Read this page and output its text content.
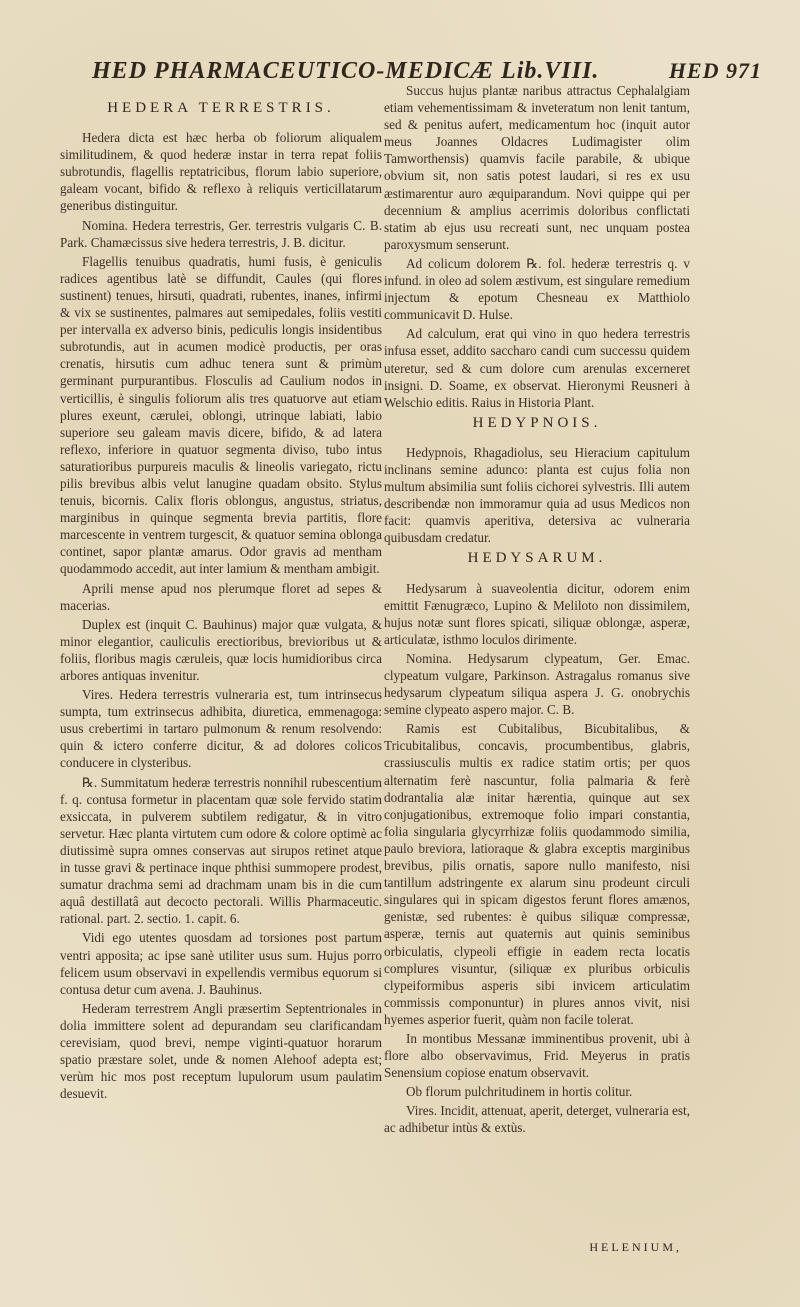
HED PHARMACEUTICO-MEDICÆ Lib.VIII.	HED 971
HEDERA TERRESTRIS.

Hedera dicta est hæc herba ob foliorum aliqualem similitudinem, & quod hederæ instar in terra repat foliis subrotundis, flagellis reptatricibus, florum labio superiore, galeam vocant, bifido & reflexo à reliquis verticillatarum generibus distinguitur.

Nomina. Hedera terrestris, Ger. terrestris vulgaris C. B. Park. Chamæcissus sive hedera terrestris, J. B. dicitur.

Flagellis tenuibus quadratis, humi fusis, è geniculis radices agentibus latè se diffundit, Caules (qui flores sustinent) tenues, hirsuti, quadrati, rubentes, inanes, infirmi & vix se sustinentes, palmares aut semipedales, foliis vestiti per intervalla ex adverso binis, pediculis longis insidentibus subrotundis, aut in acumen modicè productis, per oras crenatis, hirsutis cum adhuc tenera sunt & primùm germinant purpurantibus. Flosculis ad Caulium nodos in verticillis, è singulis foliorum alis tres quatuorve aut etiam plures exeunt, cærulei, oblongi, utrinque labiati, labio superiore seu galeam mavis dicere, bifido, & ad latera reflexo, inferiore in quatuor segmenta diviso, tubo intus saturatioribus purpureis maculis & lineolis variegato, rictu pilis brevibus albis velut lanugine quadam obsito. Stylus tenuis, bicornis. Calix floris oblongus, angustus, striatus, marginibus in quinque segmenta brevia partitis, flore marcescente in ventrem turgescit, & quatuor semina oblonga continet, sapor plantæ amarus. Odor gravis ad mentham quodammodo accedit, aut inter lamium & mentham ambigit.

Aprili mense apud nos plerumque floret ad sepes & macerias.

Duplex est (inquit C. Bauhinus) major quæ vulgata, & minor elegantior, cauliculis erectioribus, brevioribus ut & foliis, floribus magis cæruleis, quæ locis humidioribus circa arbores antiquas invenitur.

Vires. Hedera terrestris vulneraria est, tum intrinsecus sumpta, tum extrinsecus adhibita, diuretica, emmenagoga: usus crebertimi in tartaro pulmonum & renum resolvendo: quin & ictero conferre dicitur, & ad dolores colicos conducere in clysteribus.

℞. Summitatum hederæ terrestris nonnihil rubescentium f. q. contusa formetur in placentam quæ sole fervido statim exsiccata, in pulverem subtilem redigatur, & in vitro servetur. Hæc planta virtutem cum odore & colore optimè ac diutissimè supra omnes conservas aut sirupos retinet atque in tusse gravi & pertinace inque phthisi summopere prodest, sumatur drachma semi ad drachmam unam bis in die cum aquâ destillatâ aut decocto pectorali. Willis Pharmaceutic. rational. part. 2. sectio. 1. capit. 6.

Vidi ego utentes quosdam ad torsiones post partum ventri apposita; ac ipse sanè utiliter usus sum. Hujus porro felicem usum observavi in expellendis vermibus equorum si contusa detur cum avena. J. Bauhinus.

Hederam terrestrem Angli præsertim Septentrionales in dolia immittere solent ad depurandam seu clarificandam cerevisiam, quod brevi, nempe viginti-quatuor horarum spatio præstare solet, unde & nomen Alehoof adepta est; verùm hic mos post receptum lupulorum usum paulatim desuevit.

Succus hujus plantæ naribus attractus Cephalalgiam etiam vehementissimam & inveteratum non lenit tantum, sed & penitus aufert, medicamentum hoc (inquit autor meus Joannes Oldacres Ludimagister olim Tamworthensis) quamvis facile parabile, & ubique obvium sit, non satis potest laudari, si res ex usu æstimarentur auro æquiparandum. Novi quippe qui per decennium & amplius acerrimis doloribus conflictati statim ab ejus usu recreati sunt, nec unquam postea paroxysmum senserunt.

Ad colicum dolorem ℞. fol. hederæ terrestris q. v infund. in oleo ad solem æstivum, est singulare remedium injectum & epotum Chesneau ex Matthiolo communicavit D. Hulse.

Ad calculum, erat qui vino in quo hedera terrestris infusa esset, addito saccharo candi cum successu quidem uteretur, sed & cum dolore cum arenulas excerneret insigni. D. Soame, ex observat. Hieronymi Reusneri à Welschio editis. Raius in Historia Plant.

HEDYPNOIS.

Hedypnois, Rhagadiolus, seu Hieracium capitulum inclinans semine adunco: planta est cujus folia non multum absimilia sunt foliis cichorei sylvestris. Illi autem describendæ non immoramur quia ad usus Medicos non facit: quamvis aperitiva, detersiva ac vulneraria quibusdam credatur.

HEDYSARUM.

Hedysarum à suaveolentia dicitur, odorem enim emittit Fænugræco, Lupino & Meliloto non dissimilem, hujus notæ sunt flores spicati, siliquæ oblongæ, asperæ, articulatæ, isthmo loculos dirimente.

Nomina. Hedysarum clypeatum, Ger. Emac. clypeatum vulgare, Parkinson. Astragalus romanus sive hedysarum clypeatum siliqua aspera J. G. onobrychis semine clypeato aspero major. C. B.

Ramis est Cubitalibus, Bicubitalibus, & Tricubitalibus, concavis, procumbentibus, glabris, crassiusculis multis ex radice statim ortis; per quos alternatim ferè nascuntur, folia palmaria & ferè dodrantalia alæ initar hærentia, quinque aut sex conjugationibus, extremoque folio impari constantia, folia singularia glycyrrhizæ foliis quodammodo similia, paulo breviora, latioraque & glabra exceptis marginibus brevibus, pilis ornatis, sapore nullo manifesto, nisi tantillum adstringente ex alarum sinu prodeunt circuli singulares qui in spicam digestos ferunt flores amænos, genistæ, sed rubentes: è quibus siliquæ compressæ, asperæ, ternis aut quaternis aut quinis seminibus orbiculatis, clypeoli effigie in eadem recta locatis complures visuntur, (siliquæ ex pluribus orbiculis clypeiformibus asperis sibi invicem articulatim commissis componuntur) in plures annos vivit, nisi hyemes asperior fuerit, quàm non facile tolerat.

In montibus Messanæ imminentibus provenit, ubi à flore albo observavimus, Frid. Meyerus in pratis Senensium copiose enatum observavit.

Ob florum pulchritudinem in hortis colitur.

Vires. Incidit, attenuat, aperit, deterget, vulneraria est, ac adhibetur intùs & extùs.

HELENIUM,
